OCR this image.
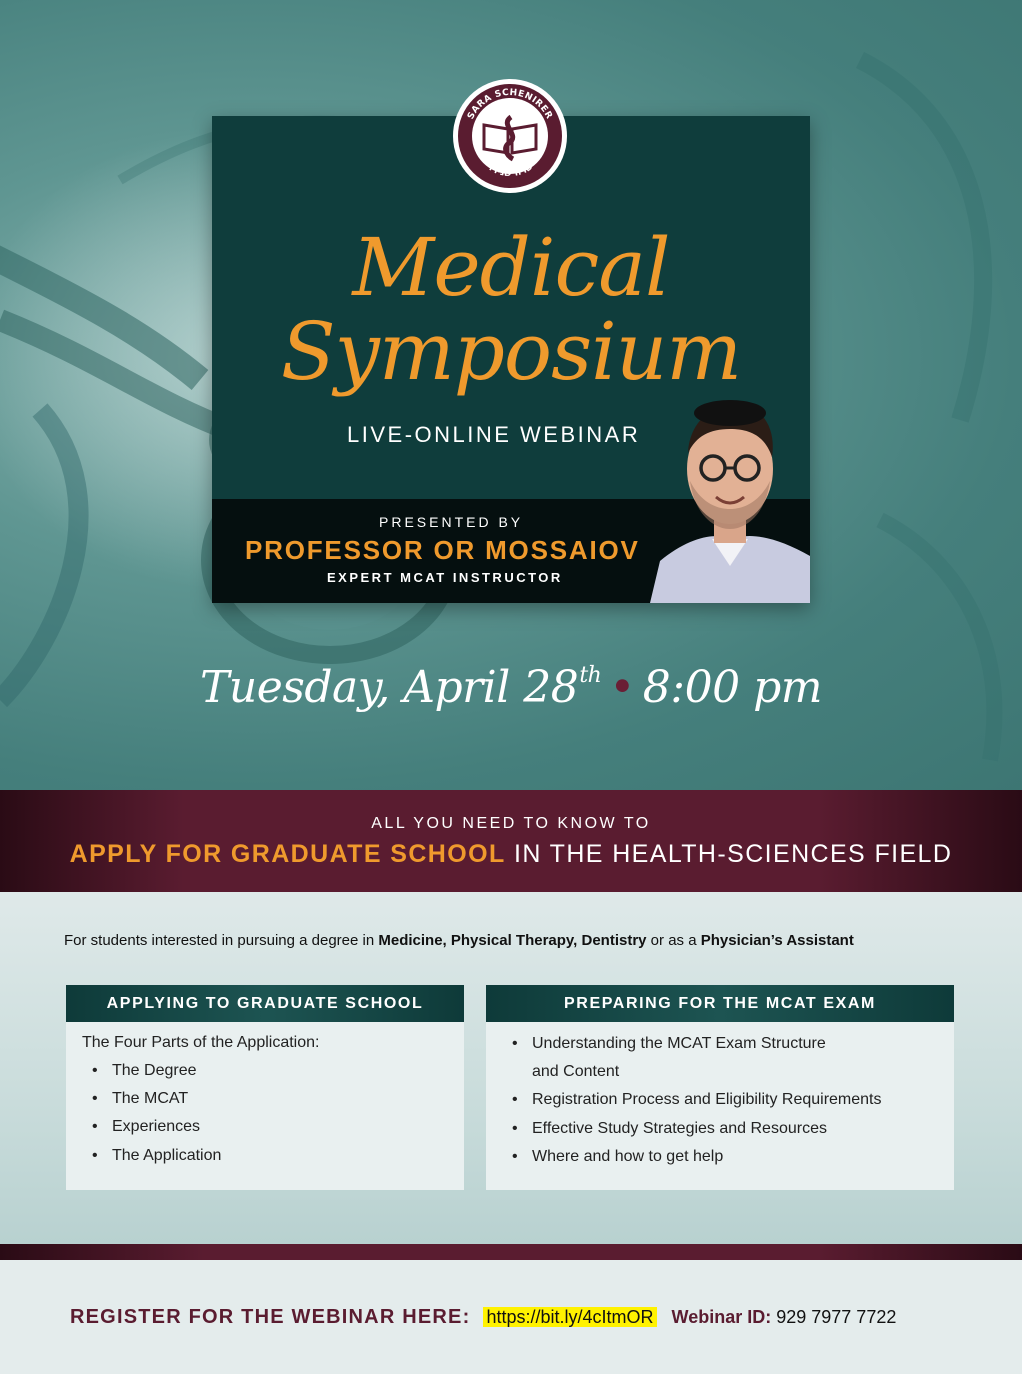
Medical
Symposium
LIVE-ONLINE WEBINAR
PRESENTED BY
PROFESSOR OR MOSSAIOV
EXPERT MCAT INSTRUCTOR
SARA SCHENIRER
שרה שנירר
Tuesday, April 28th • 8:00 pm
ALL YOU NEED TO KNOW TO
APPLY FOR GRADUATE SCHOOL IN THE HEALTH-SCIENCES FIELD
For students interested in pursuing a degree in Medicine, Physical Therapy, Dentistry or as a Physician’s Assistant
APPLYING TO GRADUATE SCHOOL
The Four Parts of the Application:
• The Degree
• The MCAT
• Experiences
• The Application
PREPARING FOR THE MCAT EXAM
• Understanding the MCAT Exam Structure
and Content
• Registration Process and Eligibility Requirements
• Effective Study Strategies and Resources
• Where and how to get help
REGISTER FOR THE WEBINAR HERE: https://bit.ly/4cItmOR Webinar ID: 929 7977 7722
